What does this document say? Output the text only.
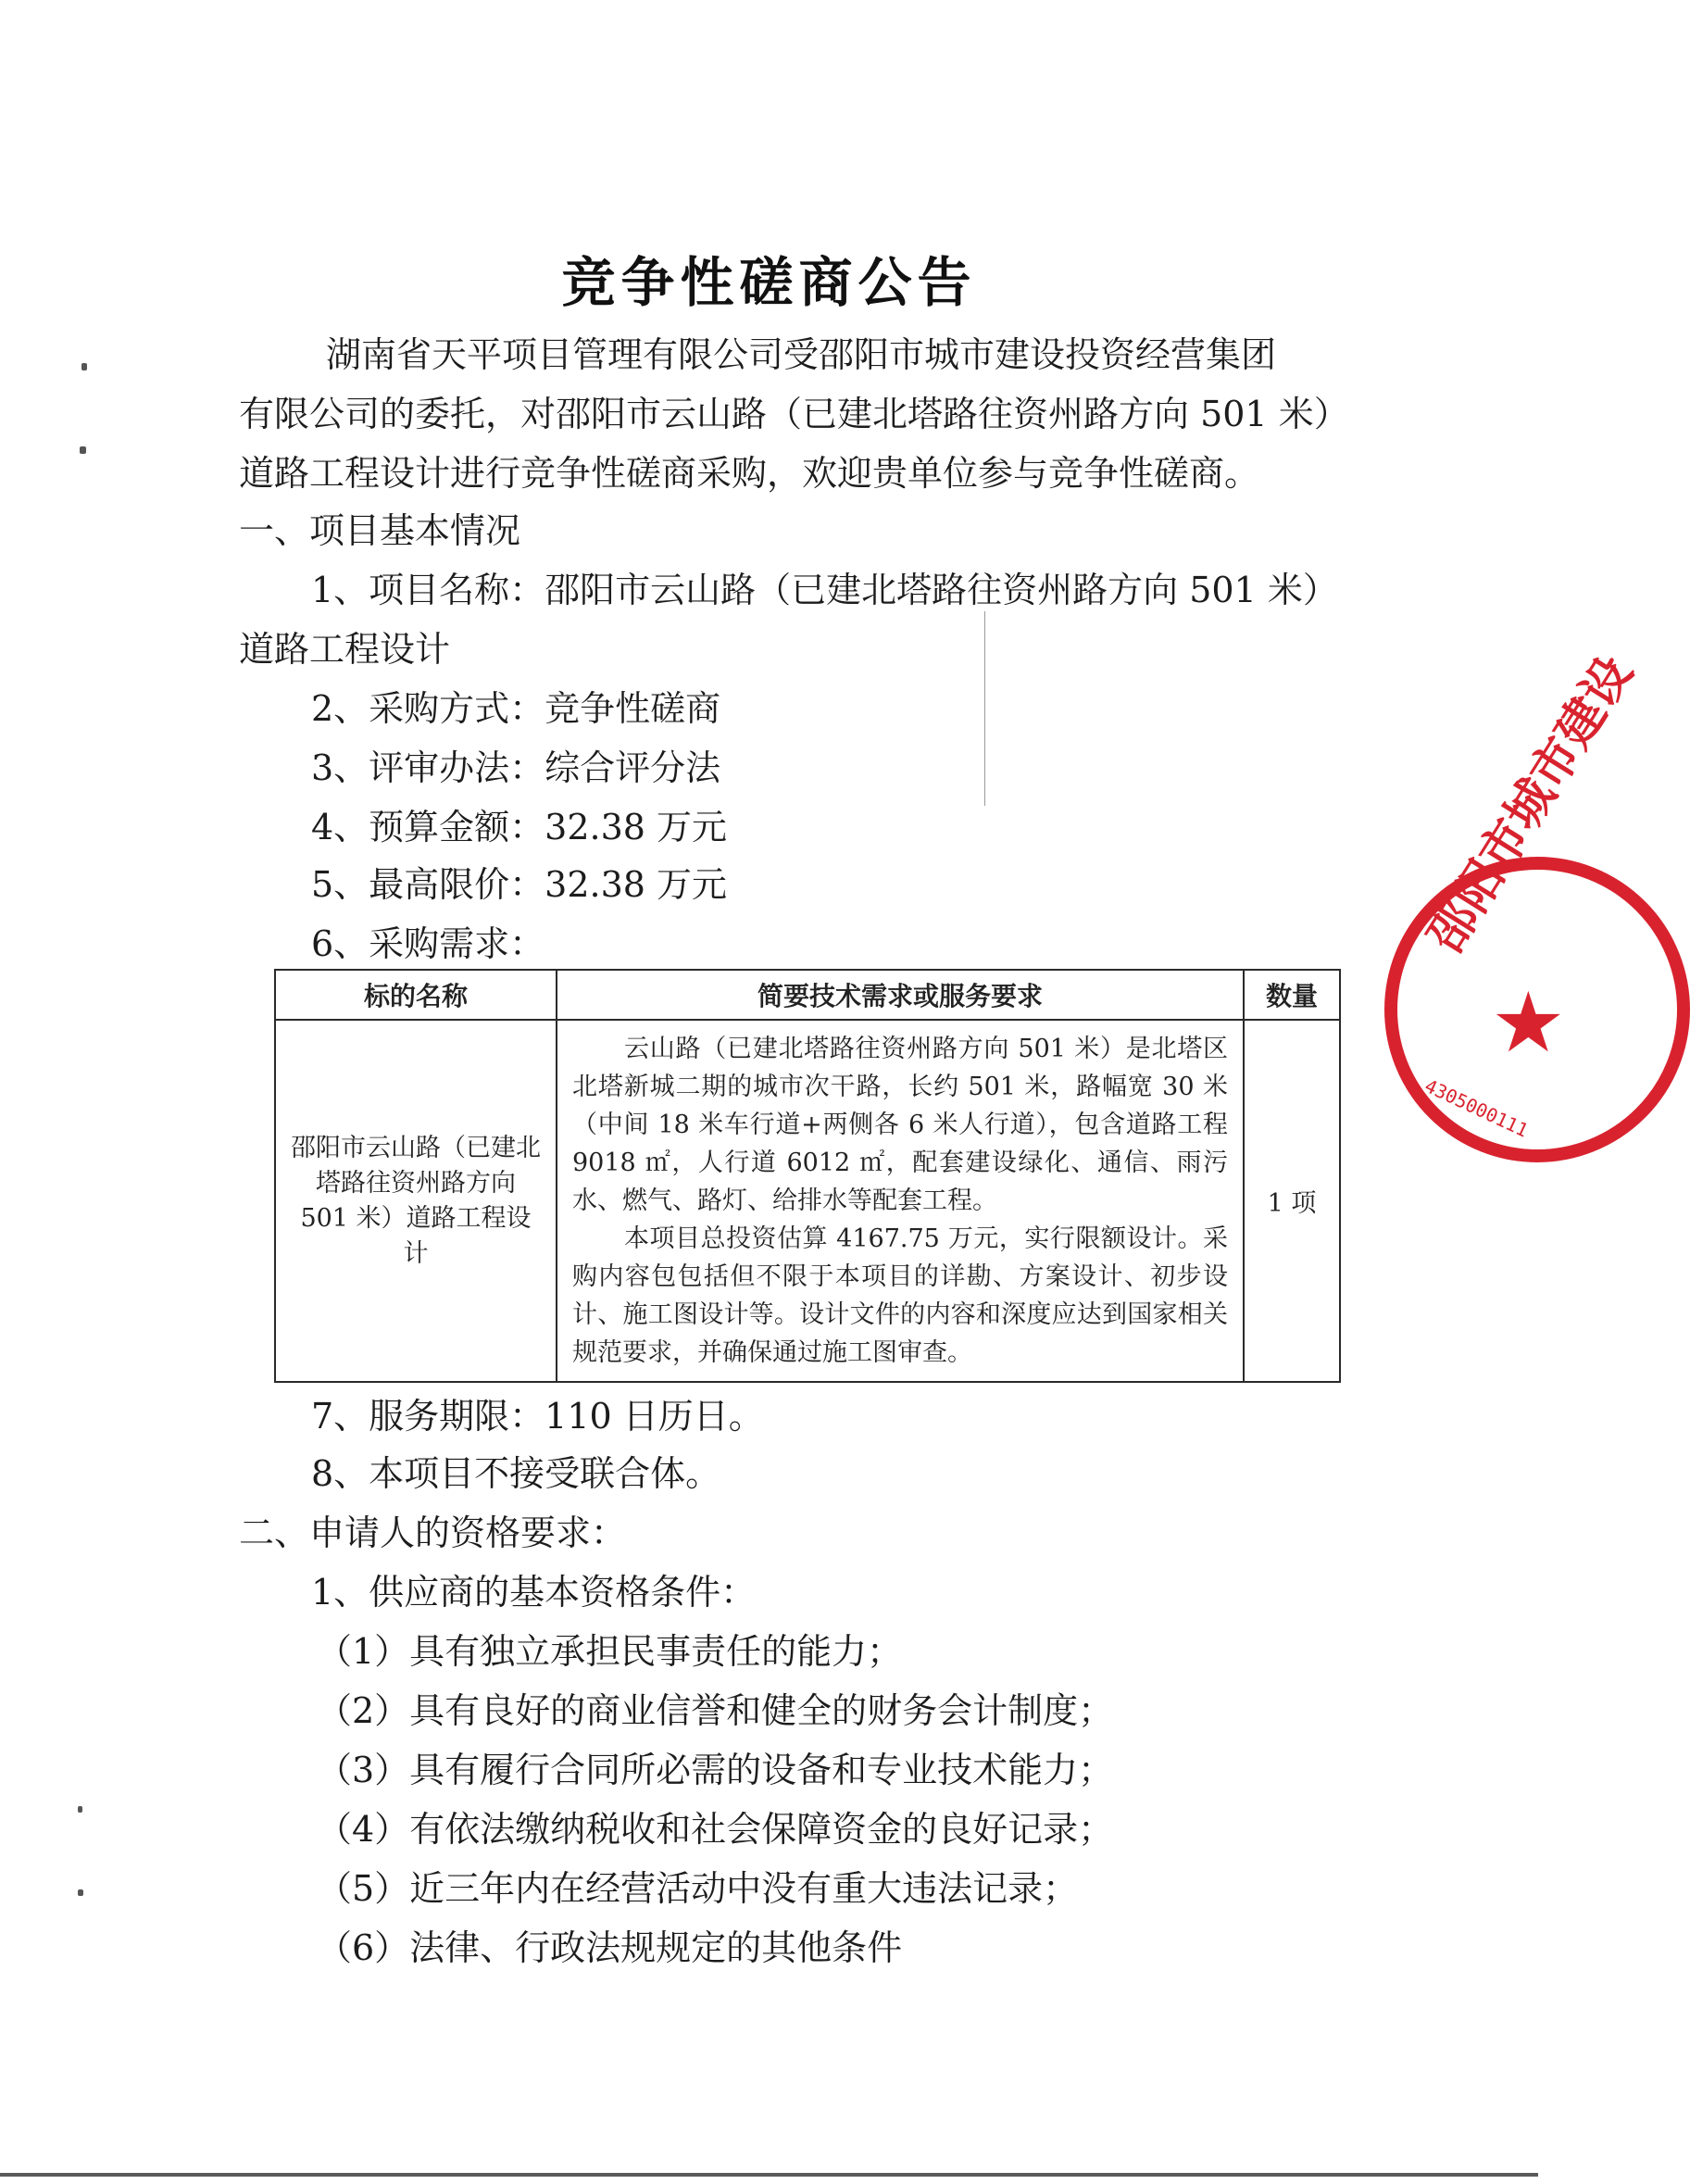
竞争性磋商公告
湖南省天平项目管理有限公司受邵阳市城市建设投资经营集团
有限公司的委托，对邵阳市云山路（已建北塔路往资州路方向 501 米）
道路工程设计进行竞争性磋商采购，欢迎贵单位参与竞争性磋商。
一、项目基本情况
1、项目名称：邵阳市云山路（已建北塔路往资州路方向 501 米）
道路工程设计
2、采购方式：竞争性磋商
3、评审办法：综合评分法
4、预算金额：32.38 万元
5、最高限价：32.38 万元
6、采购需求：
标的名称	简要技术需求或服务要求	数量
邵阳市云山路（已建北塔路往资州路方向 501 米）道路工程设计	云山路（已建北塔路往资州路方向 501 米）是北塔区北塔新城二期的城市次干路，长约 501 米，路幅宽 30 米（中间 18 米车行道+两侧各 6 米人行道），包含道路工程 9018 ㎡，人行道 6012 ㎡，配套建设绿化、通信、雨污水、燃气、路灯、给排水等配套工程。

本项目总投资估算 4167.75 万元，实行限额设计。采购内容包包括但不限于本项目的详勘、方案设计、初步设计、施工图设计等。设计文件的内容和深度应达到国家相关规范要求，并确保通过施工图审查。	1 项
7、服务期限：110 日历日。
8、本项目不接受联合体。
二、申请人的资格要求：
1、供应商的基本资格条件：
（1）具有独立承担民事责任的能力；
（2）具有良好的商业信誉和健全的财务会计制度；
（3）具有履行合同所必需的设备和专业技术能力；
（4）有依法缴纳税收和社会保障资金的良好记录；
（5）近三年内在经营活动中没有重大违法记录；
（6）法律、行政法规规定的其他条件
邵阳市城市建设
★
4305000111
